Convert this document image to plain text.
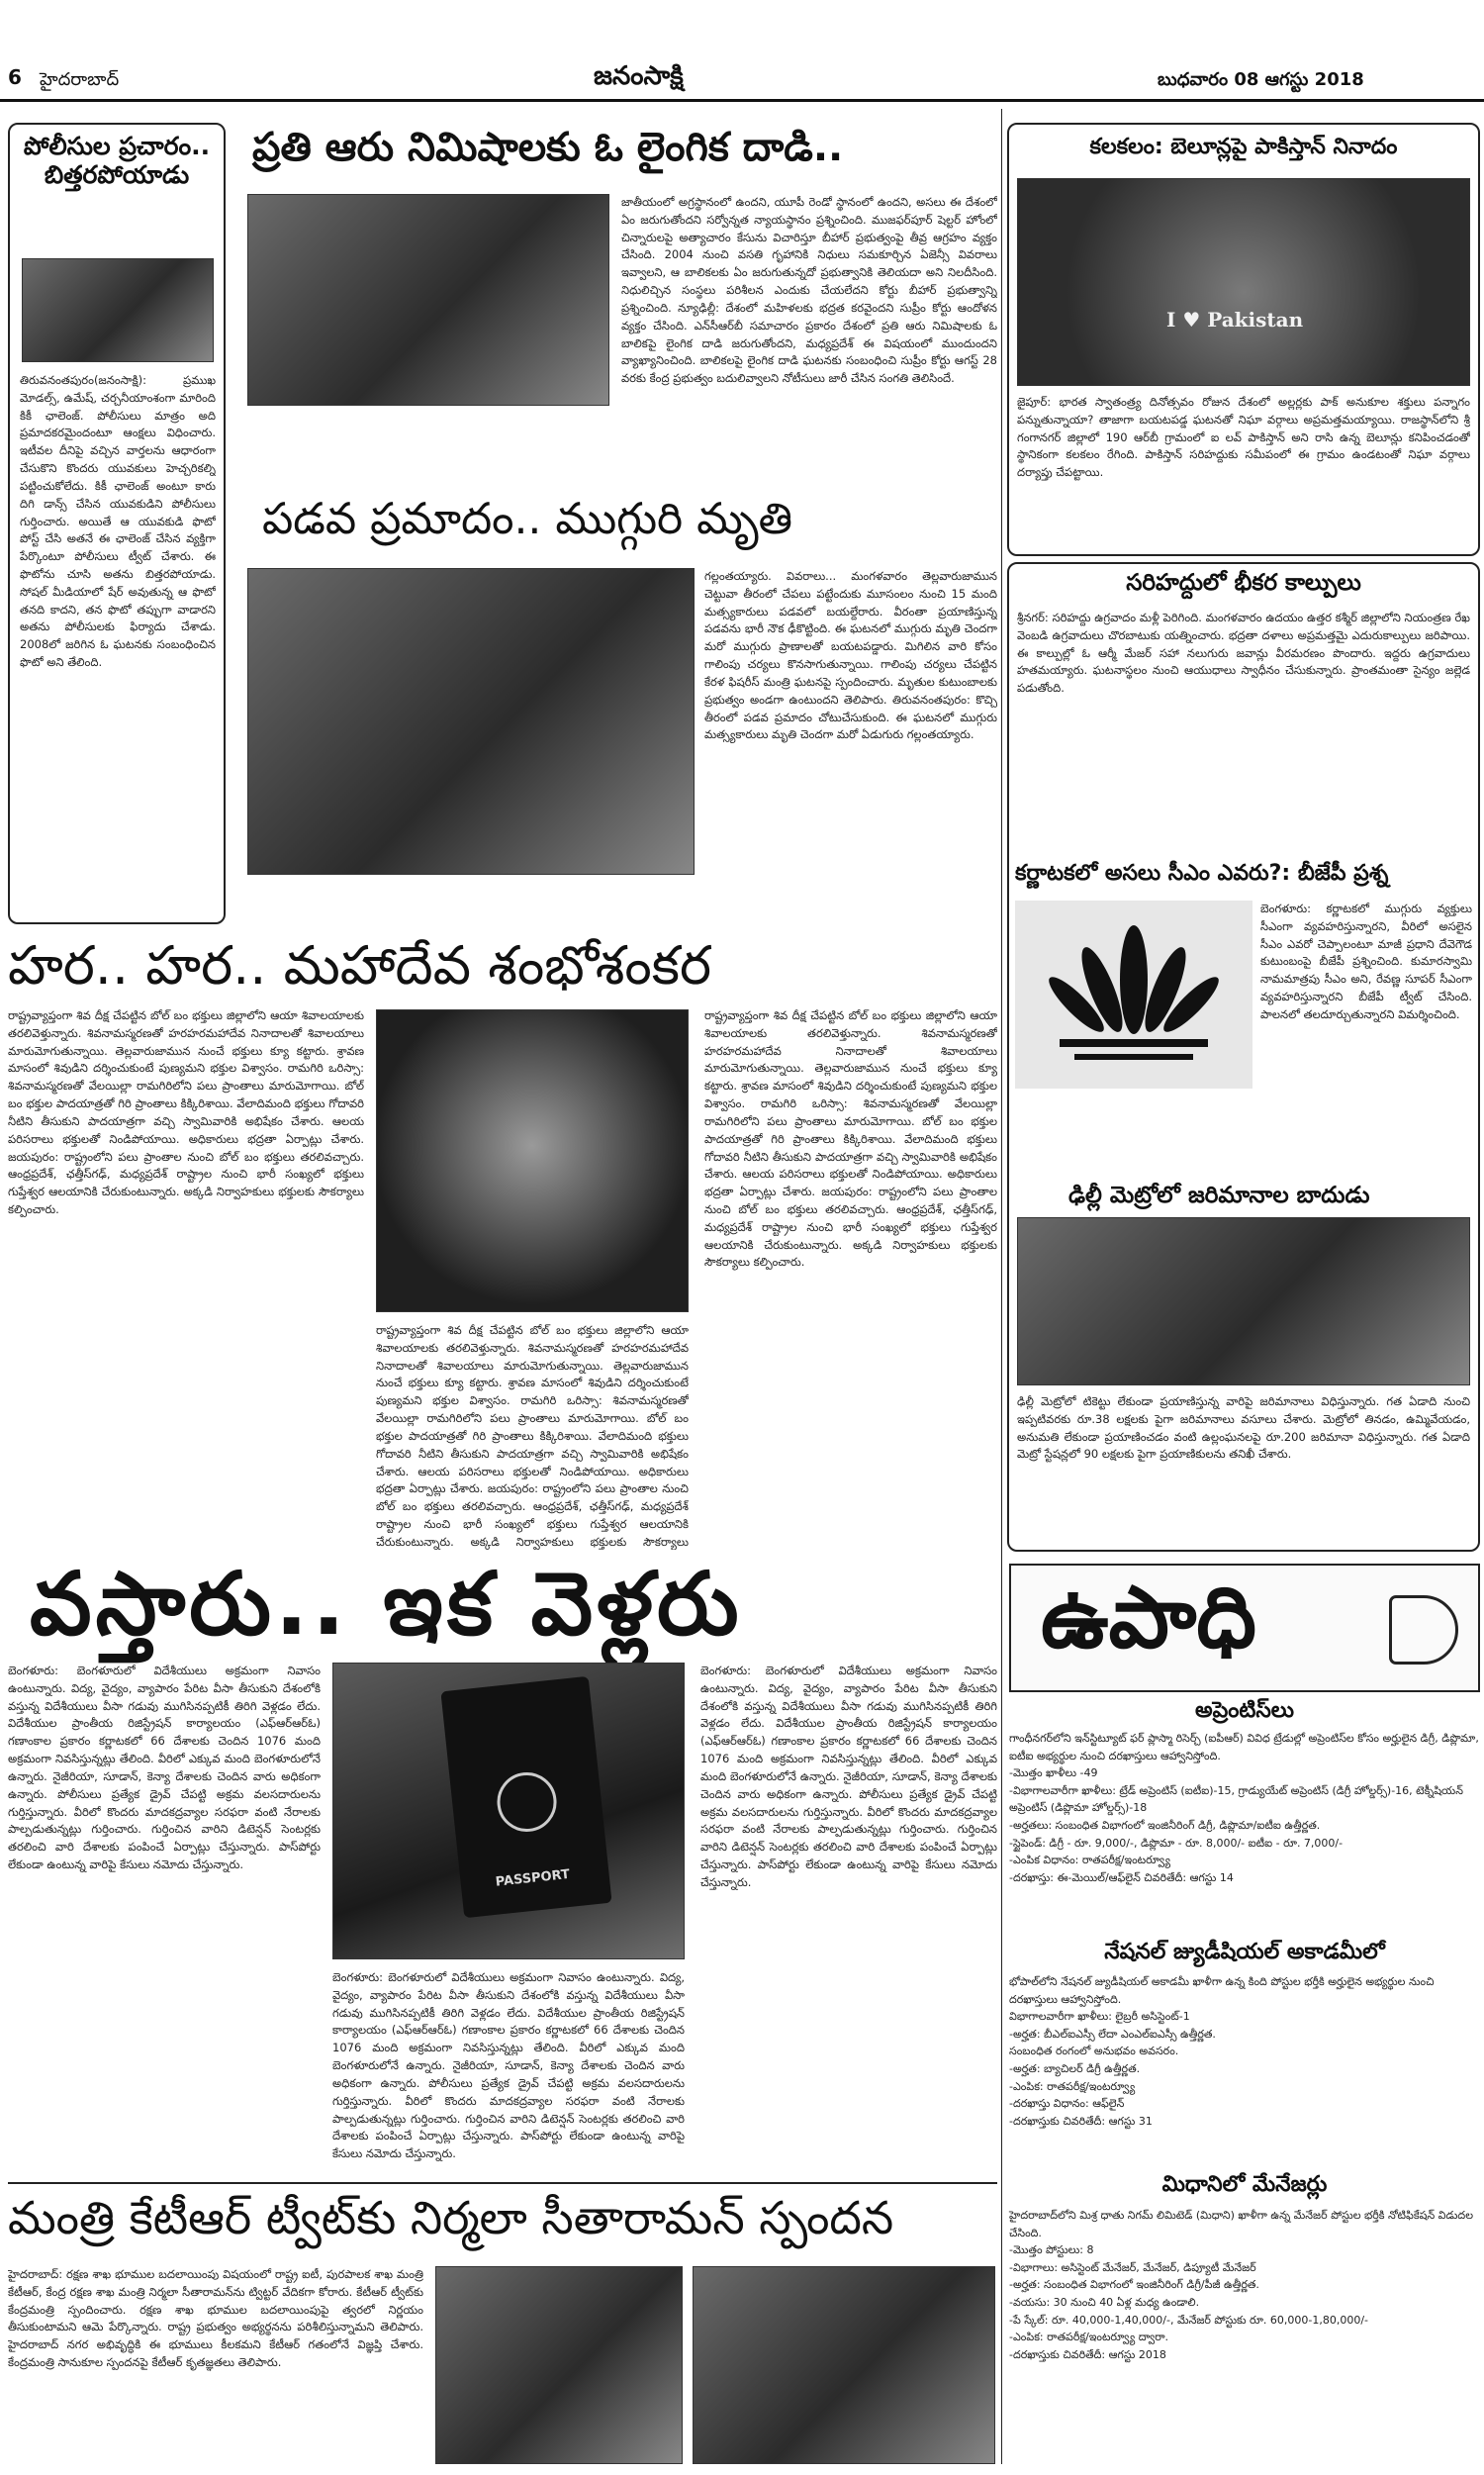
6 హైదరాబాద్	జనంసాక్షి	బుధవారం 08 ఆగస్టు 2018
పోలీసుల ప్రచారం.. బిత్తరపోయాడు
తిరువనంతపురం(జనంసాక్షి): ప్రముఖ మోడల్స్, ఉమేష్, చర్చనీయాంశంగా మారింది కికీ ఛాలెంజ్. పోలీసులు మాత్రం అది ప్రమాదకరమైందంటూ ఆంక్షలు విధించారు. ఇటీవల దీనిపై వచ్చిన వార్తలను ఆధారంగా చేసుకొని కొందరు యువకులు హెచ్చరికల్ని పట్టించుకోలేదు. కికీ ఛాలెంజ్ అంటూ కారు దిగి డాన్స్ చేసిన యువకుడిని పోలీసులు గుర్తించారు. అయితే ఆ యువకుడి ఫొటో పోస్ట్ చేసి అతనే ఈ ఛాలెంజ్ చేసిన వ్యక్తిగా పేర్కొంటూ పోలీసులు ట్వీట్ చేశారు. ఈ ఫొటోను చూసి అతను బిత్తరపోయాడు. సోషల్ మీడియాలో షేర్ అవుతున్న ఆ ఫొటో తనది కాదని, తన ఫొటో తప్పుగా వాడారని అతను పోలీసులకు ఫిర్యాదు చేశాడు. 2008లో జరిగిన ఓ ఘటనకు సంబంధించిన ఫొటో అని తేలింది.
ప్రతి ఆరు నిమిషాలకు ఓ లైంగిక దాడి..
జాతీయంలో అగ్రస్థానంలో ఉందని, యూపీ రెండో స్థానంలో ఉందని, అసలు ఈ దేశంలో ఏం జరుగుతోందని సర్వోన్నత న్యాయస్థానం ప్రశ్నించింది. ముజఫర్‌పూర్ షెల్టర్ హోంలో చిన్నారులపై అత్యాచారం కేసును విచారిస్తూ బీహార్ ప్రభుత్వంపై తీవ్ర ఆగ్రహం వ్యక్తం చేసింది. 2004 నుంచి వసతి గృహానికి నిధులు సమకూర్చిన ఏజెన్సీ వివరాలు ఇవ్వాలని, ఆ బాలికలకు ఏం జరుగుతున్నదో ప్రభుత్వానికి తెలియదా అని నిలదీసింది. నిధులిచ్చిన సంస్థలు పరిశీలన ఎందుకు చేయలేదని కోర్టు బీహార్ ప్రభుత్వాన్ని ప్రశ్నించింది. న్యూఢిల్లీ: దేశంలో మహిళలకు భద్రత కరవైందని సుప్రీం కోర్టు ఆందోళన వ్యక్తం చేసింది. ఎన్‌సీఆర్‌బీ సమాచారం ప్రకారం దేశంలో ప్రతి ఆరు నిమిషాలకు ఓ బాలికపై లైంగిక దాడి జరుగుతోందని, మధ్యప్రదేశ్ ఈ విషయంలో ముందుందని వ్యాఖ్యానించింది. బాలికలపై లైంగిక దాడి ఘటనకు సంబంధించి సుప్రీం కోర్టు ఆగస్ట్ 28 వరకు కేంద్ర ప్రభుత్వం బదులివ్వాలని నోటీసులు జారీ చేసిన సంగతి తెలిసిందే.
పడవ ప్రమాదం.. ముగ్గురి మృతి
గల్లంతయ్యారు. వివరాలు... మంగళవారం తెల్లవారుజామున చెట్టువా తీరంలో చేపలు పట్టేందుకు మూసంలం నుంచి 15 మంది మత్స్యకారులు పడవలో బయల్దేరారు. వీరంతా ప్రయాణిస్తున్న పడవను భారీ నౌక ఢీకొట్టింది. ఈ ఘటనలో ముగ్గురు మృతి చెందగా మరో ముగ్గురు ప్రాణాలతో బయటపడ్డారు. మిగిలిన వారి కోసం గాలింపు చర్యలు కొనసాగుతున్నాయి. గాలింపు చర్యలు చేపట్టిన కేరళ ఫిషరీస్ మంత్రి ఘటనపై స్పందించారు. మృతుల కుటుంబాలకు ప్రభుత్వం అండగా ఉంటుందని తెలిపారు. తిరువనంతపురం: కొచ్చి తీరంలో పడవ ప్రమాదం చోటుచేసుకుంది. ఈ ఘటనలో ముగ్గురు మత్స్యకారులు మృతి చెందగా మరో ఏడుగురు గల్లంతయ్యారు.
కలకలం: బెలూన్లపై పాకిస్తాన్ నినాదం
I ♥ Pakistan
జైపూర్: భారత స్వాతంత్ర్య దినోత్సవం రోజున దేశంలో అల్లర్లకు పాక్ అనుకూల శక్తులు పన్నాగం పన్నుతున్నాయా? తాజాగా బయటపడ్డ ఘటనతో నిఘా వర్గాలు అప్రమత్తమయ్యాయి. రాజస్థాన్‌లోని శ్రీ గంగానగర్ జిల్లాలో 190 ఆర్‌బీ గ్రామంలో ఐ లవ్ పాకిస్తాన్ అని రాసి ఉన్న బెలూన్లు కనిపించడంతో స్థానికంగా కలకలం రేగింది. పాకిస్తాన్ సరిహద్దుకు సమీపంలో ఈ గ్రామం ఉండటంతో నిఘా వర్గాలు దర్యాప్తు చేపట్టాయి.
సరిహద్దులో భీకర కాల్పులు
శ్రీనగర్: సరిహద్దు ఉగ్రవాదం మళ్లీ పెరిగింది. మంగళవారం ఉదయం ఉత్తర కశ్మీర్ జిల్లాలోని నియంత్రణ రేఖ వెంబడి ఉగ్రవాదులు చొరబాటుకు యత్నించారు. భద్రతా దళాలు అప్రమత్తమై ఎదురుకాల్పులు జరిపాయి. ఈ కాల్పుల్లో ఓ ఆర్మీ మేజర్ సహా నలుగురు జవాన్లు వీరమరణం పొందారు. ఇద్దరు ఉగ్రవాదులు హతమయ్యారు. ఘటనాస్థలం నుంచి ఆయుధాలు స్వాధీనం చేసుకున్నారు. ప్రాంతమంతా సైన్యం జల్లెడ పడుతోంది.
కర్ణాటకలో అసలు సీఎం ఎవరు?: బీజేపీ ప్రశ్న
బెంగళూరు: కర్ణాటకలో ముగ్గురు వ్యక్తులు సీఎంగా వ్యవహరిస్తున్నారని, వీరిలో అసలైన సీఎం ఎవరో చెప్పాలంటూ మాజీ ప్రధాని దేవెగౌడ కుటుంబంపై బీజేపీ ప్రశ్నించింది. కుమారస్వామి నామమాత్రపు సీఎం అని, రేవణ్ణ సూపర్ సీఎంగా వ్యవహరిస్తున్నారని బీజేపీ ట్వీట్ చేసింది. పాలనలో తలదూర్చుతున్నారని విమర్శించింది.
ఢిల్లీ మెట్రోలో జరిమానాల బాదుడు
ఢిల్లీ మెట్రోలో టికెట్టు లేకుండా ప్రయాణిస్తున్న వారిపై జరిమానాలు విధిస్తున్నారు. గత ఏడాది నుంచి ఇప్పటివరకు రూ.38 లక్షలకు పైగా జరిమానాలు వసూలు చేశారు. మెట్రోలో తినడం, ఉమ్మివేయడం, అనుమతి లేకుండా ప్రయాణించడం వంటి ఉల్లంఘనలపై రూ.200 జరిమానా విధిస్తున్నారు. గత ఏడాది మెట్రో స్టేషన్లలో 90 లక్షలకు పైగా ప్రయాణికులను తనిఖీ చేశారు.
హర.. హర.. మహాదేవ శంభోశంకర
రాష్ట్రవ్యాప్తంగా శివ దీక్ష చేపట్టిన బోల్ బం భక్తులు జిల్లాలోని ఆయా శివాలయాలకు తరలివెళ్తున్నారు. శివనామస్మరణతో హరహరమహాదేవ నినాదాలతో శివాలయాలు మారుమోగుతున్నాయి. తెల్లవారుజామున నుంచే భక్తులు క్యూ కట్టారు. శ్రావణ మాసంలో శివుడిని దర్శించుకుంటే పుణ్యమని భక్తుల విశ్వాసం. రామగిరి ఒరిస్సా: శివనామస్మరణతో వేలయిల్లా రామగిరిలోని పలు ప్రాంతాలు మారుమోగాయి. బోల్ బం భక్తుల పాదయాత్రతో గిరి ప్రాంతాలు కిక్కిరిశాయి. వేలాదిమంది భక్తులు గోదావరి నీటిని తీసుకుని పాదయాత్రగా వచ్చి స్వామివారికి అభిషేకం చేశారు. ఆలయ పరిసరాలు భక్తులతో నిండిపోయాయి. అధికారులు భద్రతా ఏర్పాట్లు చేశారు. జయపురం: రాష్ట్రంలోని పలు ప్రాంతాల నుంచి బోల్ బం భక్తులు తరలివచ్చారు. ఆంధ్రప్రదేశ్, ఛత్తీస్‌గఢ్, మధ్యప్రదేశ్ రాష్ట్రాల నుంచి భారీ సంఖ్యలో భక్తులు గుప్తేశ్వర ఆలయానికి చేరుకుంటున్నారు. అక్కడి నిర్వాహకులు భక్తులకు సౌకర్యాలు కల్పించారు.
రాష్ట్రవ్యాప్తంగా శివ దీక్ష చేపట్టిన బోల్ బం భక్తులు జిల్లాలోని ఆయా శివాలయాలకు తరలివెళ్తున్నారు. శివనామస్మరణతో హరహరమహాదేవ నినాదాలతో శివాలయాలు మారుమోగుతున్నాయి. తెల్లవారుజామున నుంచే భక్తులు క్యూ కట్టారు. శ్రావణ మాసంలో శివుడిని దర్శించుకుంటే పుణ్యమని భక్తుల విశ్వాసం. రామగిరి ఒరిస్సా: శివనామస్మరణతో వేలయిల్లా రామగిరిలోని పలు ప్రాంతాలు మారుమోగాయి. బోల్ బం భక్తుల పాదయాత్రతో గిరి ప్రాంతాలు కిక్కిరిశాయి. వేలాదిమంది భక్తులు గోదావరి నీటిని తీసుకుని పాదయాత్రగా వచ్చి స్వామివారికి అభిషేకం చేశారు. ఆలయ పరిసరాలు భక్తులతో నిండిపోయాయి. అధికారులు భద్రతా ఏర్పాట్లు చేశారు. జయపురం: రాష్ట్రంలోని పలు ప్రాంతాల నుంచి బోల్ బం భక్తులు తరలివచ్చారు. ఆంధ్రప్రదేశ్, ఛత్తీస్‌గఢ్, మధ్యప్రదేశ్ రాష్ట్రాల నుంచి భారీ సంఖ్యలో భక్తులు గుప్తేశ్వర ఆలయానికి చేరుకుంటున్నారు. అక్కడి నిర్వాహకులు భక్తులకు సౌకర్యాలు కల్పించారు.
రాష్ట్రవ్యాప్తంగా శివ దీక్ష చేపట్టిన బోల్ బం భక్తులు జిల్లాలోని ఆయా శివాలయాలకు తరలివెళ్తున్నారు. శివనామస్మరణతో హరహరమహాదేవ నినాదాలతో శివాలయాలు మారుమోగుతున్నాయి. తెల్లవారుజామున నుంచే భక్తులు క్యూ కట్టారు. శ్రావణ మాసంలో శివుడిని దర్శించుకుంటే పుణ్యమని భక్తుల విశ్వాసం. రామగిరి ఒరిస్సా: శివనామస్మరణతో వేలయిల్లా రామగిరిలోని పలు ప్రాంతాలు మారుమోగాయి. బోల్ బం భక్తుల పాదయాత్రతో గిరి ప్రాంతాలు కిక్కిరిశాయి. వేలాదిమంది భక్తులు గోదావరి నీటిని తీసుకుని పాదయాత్రగా వచ్చి స్వామివారికి అభిషేకం చేశారు. ఆలయ పరిసరాలు భక్తులతో నిండిపోయాయి. అధికారులు భద్రతా ఏర్పాట్లు చేశారు. జయపురం: రాష్ట్రంలోని పలు ప్రాంతాల నుంచి బోల్ బం భక్తులు తరలివచ్చారు. ఆంధ్రప్రదేశ్, ఛత్తీస్‌గఢ్, మధ్యప్రదేశ్ రాష్ట్రాల నుంచి భారీ సంఖ్యలో భక్తులు గుప్తేశ్వర ఆలయానికి చేరుకుంటున్నారు. అక్కడి నిర్వాహకులు భక్తులకు సౌకర్యాలు
వస్తారు.. ఇక వెళ్లరు
బెంగళూరు: బెంగళూరులో విదేశీయులు అక్రమంగా నివాసం ఉంటున్నారు. విద్య, వైద్యం, వ్యాపారం పేరిట వీసా తీసుకుని దేశంలోకి వస్తున్న విదేశీయులు వీసా గడువు ముగిసినప్పటికీ తిరిగి వెళ్లడం లేదు. విదేశీయుల ప్రాంతీయ రిజిస్ట్రేషన్ కార్యాలయం (ఎఫ్‌ఆర్‌ఆర్‌ఓ) గణాంకాల ప్రకారం కర్ణాటకలో 66 దేశాలకు చెందిన 1076 మంది అక్రమంగా నివసిస్తున్నట్లు తేలింది. వీరిలో ఎక్కువ మంది బెంగళూరులోనే ఉన్నారు. నైజీరియా, సూడాన్, కెన్యా దేశాలకు చెందిన వారు అధికంగా ఉన్నారు. పోలీసులు ప్రత్యేక డ్రైవ్ చేపట్టి అక్రమ వలసదారులను గుర్తిస్తున్నారు. వీరిలో కొందరు మాదకద్రవ్యాల సరఫరా వంటి నేరాలకు పాల్పడుతున్నట్లు గుర్తించారు. గుర్తించిన వారిని డిటెన్షన్ సెంటర్లకు తరలించి వారి దేశాలకు పంపించే ఏర్పాట్లు చేస్తున్నారు. పాస్‌పోర్టు లేకుండా ఉంటున్న వారిపై కేసులు నమోదు చేస్తున్నారు.
PASSPORT
బెంగళూరు: బెంగళూరులో విదేశీయులు అక్రమంగా నివాసం ఉంటున్నారు. విద్య, వైద్యం, వ్యాపారం పేరిట వీసా తీసుకుని దేశంలోకి వస్తున్న విదేశీయులు వీసా గడువు ముగిసినప్పటికీ తిరిగి వెళ్లడం లేదు. విదేశీయుల ప్రాంతీయ రిజిస్ట్రేషన్ కార్యాలయం (ఎఫ్‌ఆర్‌ఆర్‌ఓ) గణాంకాల ప్రకారం కర్ణాటకలో 66 దేశాలకు చెందిన 1076 మంది అక్రమంగా నివసిస్తున్నట్లు తేలింది. వీరిలో ఎక్కువ మంది బెంగళూరులోనే ఉన్నారు. నైజీరియా, సూడాన్, కెన్యా దేశాలకు చెందిన వారు అధికంగా ఉన్నారు. పోలీసులు ప్రత్యేక డ్రైవ్ చేపట్టి అక్రమ వలసదారులను గుర్తిస్తున్నారు. వీరిలో కొందరు మాదకద్రవ్యాల సరఫరా వంటి నేరాలకు పాల్పడుతున్నట్లు గుర్తించారు. గుర్తించిన వారిని డిటెన్షన్ సెంటర్లకు తరలించి వారి దేశాలకు పంపించే ఏర్పాట్లు చేస్తున్నారు. పాస్‌పోర్టు లేకుండా ఉంటున్న వారిపై కేసులు నమోదు చేస్తున్నారు.
బెంగళూరు: బెంగళూరులో విదేశీయులు అక్రమంగా నివాసం ఉంటున్నారు. విద్య, వైద్యం, వ్యాపారం పేరిట వీసా తీసుకుని దేశంలోకి వస్తున్న విదేశీయులు వీసా గడువు ముగిసినప్పటికీ తిరిగి వెళ్లడం లేదు. విదేశీయుల ప్రాంతీయ రిజిస్ట్రేషన్ కార్యాలయం (ఎఫ్‌ఆర్‌ఆర్‌ఓ) గణాంకాల ప్రకారం కర్ణాటకలో 66 దేశాలకు చెందిన 1076 మంది అక్రమంగా నివసిస్తున్నట్లు తేలింది. వీరిలో ఎక్కువ మంది బెంగళూరులోనే ఉన్నారు. నైజీరియా, సూడాన్, కెన్యా దేశాలకు చెందిన వారు అధికంగా ఉన్నారు. పోలీసులు ప్రత్యేక డ్రైవ్ చేపట్టి అక్రమ వలసదారులను గుర్తిస్తున్నారు. వీరిలో కొందరు మాదకద్రవ్యాల సరఫరా వంటి నేరాలకు పాల్పడుతున్నట్లు గుర్తించారు. గుర్తించిన వారిని డిటెన్షన్ సెంటర్లకు తరలించి వారి దేశాలకు పంపించే ఏర్పాట్లు చేస్తున్నారు. పాస్‌పోర్టు లేకుండా ఉంటున్న వారిపై కేసులు నమోదు చేస్తున్నారు.
మంత్రి కేటీఆర్ ట్వీట్‌కు నిర్మలా సీతారామన్ స్పందన
హైదరాబాద్: రక్షణ శాఖ భూముల బదలాయింపు విషయంలో రాష్ట్ర ఐటీ, పురపాలక శాఖ మంత్రి కేటీఆర్, కేంద్ర రక్షణ శాఖ మంత్రి నిర్మలా సీతారామన్‌ను ట్విట్టర్ వేదికగా కోరారు. కేటీఆర్ ట్వీట్‌కు కేంద్రమంత్రి స్పందించారు. రక్షణ శాఖ భూముల బదలాయింపుపై త్వరలో నిర్ణయం తీసుకుంటామని ఆమె పేర్కొన్నారు. రాష్ట్ర ప్రభుత్వం అభ్యర్థనను పరిశీలిస్తున్నామని తెలిపారు. హైదరాబాద్ నగర అభివృద్ధికి ఈ భూములు కీలకమని కేటీఆర్ గతంలోనే విజ్ఞప్తి చేశారు. కేంద్రమంత్రి సానుకూల స్పందనపై కేటీఆర్ కృతజ్ఞతలు తెలిపారు.
ఉపాధి
అప్రెంటిస్‌లు
గాంధీనగర్‌లోని ఇన్‌స్టిట్యూట్ ఫర్ ప్లాస్మా రిసెర్చ్ (ఐపీఆర్) వివిధ ట్రేడుల్లో అప్రెంటిస్‌ల కోసం అర్హులైన డిగ్రీ, డిప్లొమా, ఐటీఐ అభ్యర్థుల నుంచి దరఖాస్తులు ఆహ్వానిస్తోంది.
-మొత్తం ఖాళీలు -49
-విభాగాలవారీగా ఖాళీలు: ట్రేడ్ అప్రెంటిస్ (ఐటీఐ)-15, గ్రాడ్యుయేట్ అప్రెంటిస్ (డిగ్రీ హోల్డర్స్)-16, టెక్నీషియన్ అప్రెంటిస్ (డిప్లొమా హోల్డర్స్)-18
-అర్హతలు: సంబంధిత విభాగంలో ఇంజినీరింగ్ డిగ్రీ, డిప్లొమా/ఐటీఐ ఉత్తీర్ణత.
-స్టైపెండ్: డిగ్రీ - రూ. 9,000/-, డిప్లొమా - రూ. 8,000/- ఐటీఐ - రూ. 7,000/-
-ఎంపిక విధానం: రాతపరీక్ష/ఇంటర్వ్యూ
-దరఖాస్తు: ఈ-మెయిల్/ఆఫ్‌లైన్ చివరితేదీ: ఆగస్టు 14
నేషనల్ జ్యుడీషియల్ అకాడమీలో
భోపాల్‌లోని నేషనల్ జ్యుడీషియల్ అకాడమీ ఖాళీగా ఉన్న కింది పోస్టుల భర్తీకి అర్హులైన అభ్యర్థుల నుంచి దరఖాస్తులు ఆహ్వానిస్తోంది.
విభాగాలవారీగా ఖాళీలు: లైబ్రరీ అసిస్టెంట్-1
-అర్హత: బీఎల్ఐఎస్సీ లేదా ఎంఎల్ఐఎస్సీ ఉత్తీర్ణత.
సంబంధిత రంగంలో అనుభవం అవసరం.
-అర్హత: బ్యాచిలర్ డిగ్రీ ఉత్తీర్ణత.
-ఎంపిక: రాతపరీక్ష/ఇంటర్వ్యూ
-దరఖాస్తు విధానం: ఆఫ్‌లైన్
-దరఖాస్తుకు చివరితేదీ: ఆగస్టు 31
మిధానిలో మేనేజర్లు
హైదరాబాద్‌లోని మిశ్ర ధాతు నిగమ్ లిమిటెడ్ (మిధాని) ఖాళీగా ఉన్న మేనేజర్ పోస్టుల భర్తీకి నోటిఫికేషన్ విడుదల చేసింది.
-మొత్తం పోస్టులు: 8
-విభాగాలు: అసిస్టెంట్ మేనేజర్, మేనేజర్, డిప్యూటీ మేనేజర్
-అర్హత: సంబంధిత విభాగంలో ఇంజినీరింగ్ డిగ్రీ/పీజీ ఉత్తీర్ణత.
-వయసు: 30 నుంచి 40 ఏళ్ల మధ్య ఉండాలి.
-పే స్కేల్: రూ. 40,000-1,40,000/-, మేనేజర్ పోస్టుకు రూ. 60,000-1,80,000/-
-ఎంపిక: రాతపరీక్ష/ఇంటర్వ్యూ ద్వారా.
-దరఖాస్తుకు చివరితేదీ: ఆగస్టు 2018
